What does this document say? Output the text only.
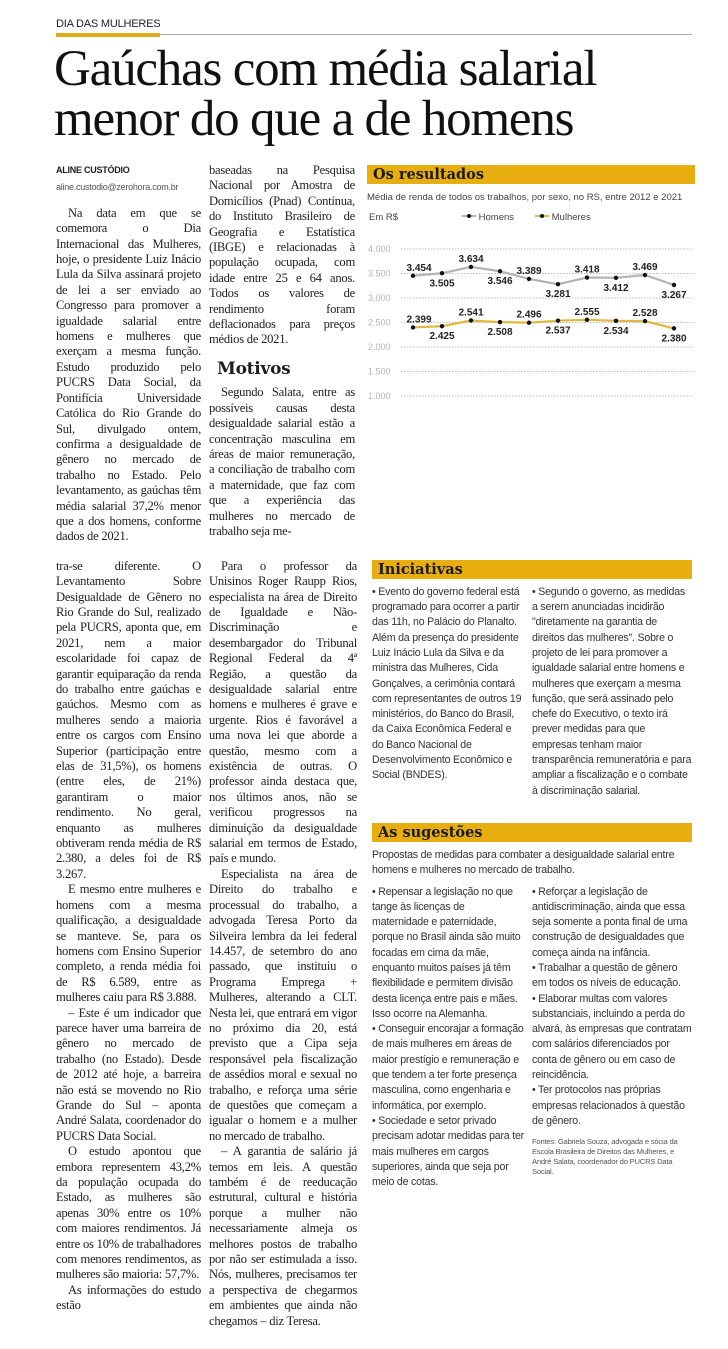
DIA DAS MULHERES
Gaúchas com média salarial menor do que a de homens
ALINE CUSTÓDIO
aline.custodio@zerohora.com.br

Na data em que se comemora o Dia Internacional das Mulheres, hoje, o presidente Luiz Inácio Lula da Silva assinará projeto de lei a ser enviado ao Congresso para promover a igualdade salarial entre homens e mulheres que exerçam a mesma função. Estudo produzido pelo PUCRS Data Social, da Pontifícia Universidade Católica do Rio Grande do Sul, divulgado ontem, confirma a desigualdade de gênero no mercado de trabalho no Estado. Pelo levantamento, as gaúchas têm média salarial 37,2% menor que a dos homens, conforme dados de 2021.

baseadas na Pesquisa Nacional por Amostra de Domicílios (Pnad) Contínua, do Instituto Brasileiro de Geografia e Estatística (IBGE) e relacionadas à população ocupada, com idade entre 25 e 64 anos. Todos os valores de rendimento foram deflacionados para preços médios de 2021.

Motivos

Segundo Salata, entre as possíveis causas desta desigualdade salarial estão a concentração masculina em áreas de maior remuneração, a conciliação de trabalho com a maternidade, que faz com que a experiência das mulheres no mercado de trabalho seja me-

Os resultados
Média de renda de todos os trabalhos, por sexo, no RS, entre 2012 e 2021
Em R$	Homens	Mulheres
4.000
3.500
3.000
2.500
2.000
1.500
1.000
3.454
3.505
3.634
3.546
3.389
3.281
3.418
3.412
3.469
3.267
2.399
2.425
2.541
2.508
2.496
2.537
2.555
2.534
2.528
2.380

tra-se diferente. O Levantamento Sobre Desigualdade de Gênero no Rio Grande do Sul, realizado pela PUCRS, aponta que, em 2021, nem a maior escolaridade foi capaz de garantir equiparação da renda do trabalho entre gaúchas e gaúchos. Mesmo com as mulheres sendo a maioria entre os cargos com Ensino Superior (participação entre elas de 31,5%), os homens (entre eles, de 21%) garantiram o maior rendimento. No geral, enquanto as mulheres obtiveram renda média de R$ 2.380, a deles foi de R$ 3.267.

E mesmo entre mulheres e homens com a mesma qualificação, a desigualdade se manteve. Se, para os homens com Ensino Superior completo, a renda média foi de R$ 6.589, entre as mulheres caiu para R$ 3.888.

– Este é um indicador que parece haver uma barreira de gênero no mercado de trabalho (no Estado). Desde de 2012 até hoje, a barreira não está se movendo no Rio Grande do Sul – aponta André Salata, coordenador do PUCRS Data Social.

O estudo apontou que embora representem 43,2% da população ocupada do Estado, as mulheres são apenas 30% entre os 10% com maiores rendimentos. Já entre os 10% de trabalhadores com menores rendimentos, as mulheres são maioria: 57,7%.

As informações do estudo estão

Para o professor da Unisinos Roger Raupp Rios, especialista na área de Direito de Igualdade e Não-Discriminação e desembargador do Tribunal Regional Federal da 4ª Região, a questão da desigualdade salarial entre homens e mulheres é grave e urgente. Rios é favorável a uma nova lei que aborde a questão, mesmo com a existência de outras. O professor ainda destaca que, nos últimos anos, não se verificou progressos na diminuição da desigualdade salarial em termos de Estado, país e mundo.

Especialista na área de Direito do trabalho e processual do trabalho, a advogada Teresa Porto da Silveira lembra da lei federal 14.457, de setembro do ano passado, que instituiu o Programa Emprega + Mulheres, alterando a CLT. Nesta lei, que entrará em vigor no próximo dia 20, está previsto que a Cipa seja responsável pela fiscalização de assédios moral e sexual no trabalho, e reforça uma série de questões que começam a igualar o homem e a mulher no mercado de trabalho.

– A garantia de salário já temos em leis. A questão também é de reeducação estrutural, cultural e história porque a mulher não necessariamente almeja os melhores postos de trabalho por não ser estimulada a isso. Nós, mulheres, precisamos ter a perspectiva de chegarmos em ambientes que ainda não chegamos – diz Teresa.

Iniciativas

• Evento do governo federal está programado para ocorrer a partir das 11h, no Palácio do Planalto. Além da presença do presidente Luiz Inácio Lula da Silva e da ministra das Mulheres, Cida Gonçalves, a cerimônia contará com representantes de outros 19 ministérios, do Banco do Brasil, da Caixa Econômica Federal e do Banco Nacional de Desenvolvimento Econômico e Social (BNDES).

• Segundo o governo, as medidas a serem anunciadas incidirão "diretamente na garantia de direitos das mulheres". Sobre o projeto de lei para promover a igualdade salarial entre homens e mulheres que exerçam a mesma função, que será assinado pelo chefe do Executivo, o texto irá prever medidas para que empresas tenham maior transparência remuneratória e para ampliar a fiscalização e o combate à discriminação salarial.

As sugestões
Propostas de medidas para combater a desigualdade salarial entre homens e mulheres no mercado de trabalho.

• Repensar a legislação no que tange às licenças de maternidade e paternidade, porque no Brasil ainda são muito focadas em cima da mãe, enquanto muitos países já têm flexibilidade e permitem divisão desta licença entre pais e mães. Isso ocorre na Alemanha.

• Conseguir encorajar a formação de mais mulheres em áreas de maior prestígio e remuneração e que tendem a ter forte presença masculina, como engenharia e informática, por exemplo.

• Sociedade e setor privado precisam adotar medidas para ter mais mulheres em cargos superiores, ainda que seja por meio de cotas.

• Reforçar a legislação de antidiscriminação, ainda que essa seja somente a ponta final de uma construção de desigualdades que começa ainda na infância.

• Trabalhar a questão de gênero em todos os níveis de educação.

• Elaborar multas com valores substanciais, incluindo a perda do alvará, às empresas que contratam com salários diferenciados por conta de gênero ou em caso de reincidência.

• Ter protocolos nas próprias empresas relacionados à questão de gênero.

Fontes: Gabriela Souza, advogada e sócia da Escola Brasileira de Direitos das Mulheres, e André Salata, coordenador do PUCRS Data Social.
